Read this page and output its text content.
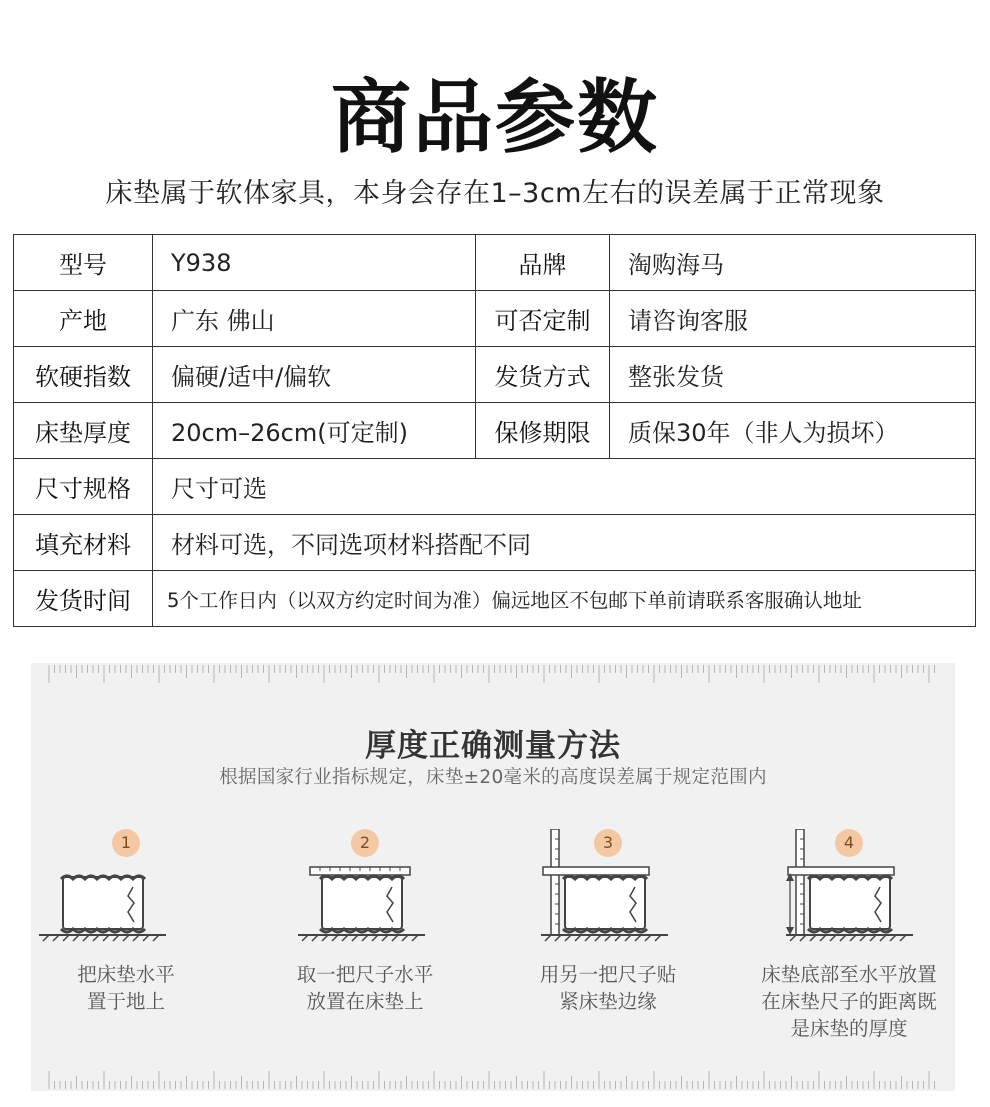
商品参数
床垫属于软体家具，本身会存在1–3cm左右的误差属于正常现象
型号	Y938	品牌	淘购海马
产地	广东 佛山	可否定制	请咨询客服
软硬指数	偏硬/适中/偏软	发货方式	整张发货
床垫厚度	20cm–26cm(可定制)	保修期限	质保30年（非人为损坏）
尺寸规格	尺寸可选		
填充材料	材料可选，不同选项材料搭配不同		
发货时间	5个工作日内（以双方约定时间为准）偏远地区不包邮下单前请联系客服确认地址		
厚度正确测量方法
根据国家行业指标规定，床垫±20毫米的高度误差属于规定范围内
1
把床垫水平
置于地上
2
取一把尺子水平
放置在床垫上
3
用另一把尺子贴
紧床垫边缘
4
床垫底部至水平放置
在床垫尺子的距离既
是床垫的厚度
